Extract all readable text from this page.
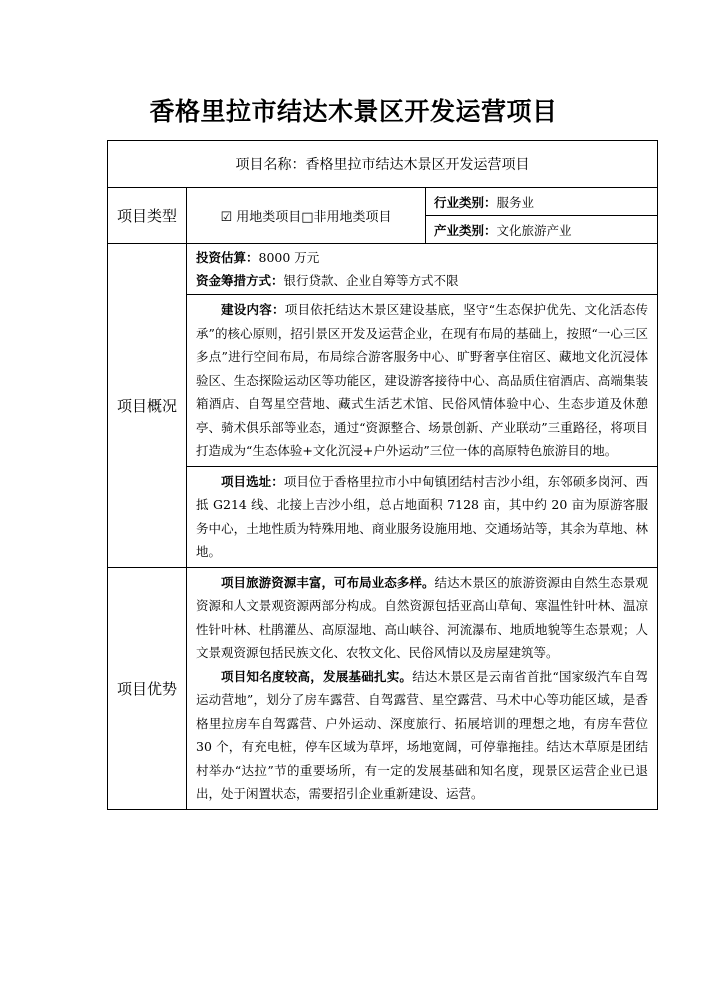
香格里拉市结达木景区开发运营项目
项目名称：香格里拉市结达木景区开发运营项目		
项目类型	☑ 用地类项目□非用地类项目	行业类别：服务业
		产业类别：文化旅游产业
项目概况	投资估算：8000 万元
资金筹措方式：银行贷款、企业自筹等方式不限	

	建设内容：项目依托结达木景区建设基底，坚守“生态保护优先、文化活态传承”的核心原则，招引景区开发及运营企业，在现有布局的基础上，按照“一心三区多点”进行空间布局，布局综合游客服务中心、旷野奢享住宿区、藏地文化沉浸体验区、生态探险运动区等功能区，建设游客接待中心、高品质住宿酒店、高端集装箱酒店、自驾星空营地、藏式生活艺术馆、民俗风情体验中心、生态步道及休憩亭、骑术俱乐部等业态，通过“资源整合、场景创新、产业联动”三重路径，将项目打造成为“生态体验+文化沉浸+户外运动”三位一体的高原特色旅游目的地。	

	项目选址：项目位于香格里拉市小中甸镇团结村吉沙小组，东邻硕多岗河、西抵 G214 线、北接上吉沙小组，总占地面积 7128 亩，其中约 20 亩为原游客服务中心，土地性质为特殊用地、商业服务设施用地、交通场站等，其余为草地、林地。	

项目优势	项目旅游资源丰富，可布局业态多样。结达木景区的旅游资源由自然生态景观资源和人文景观资源两部分构成。自然资源包括亚高山草甸、寒温性针叶林、温凉性针叶林、杜鹃灌丛、高原湿地、高山峡谷、河流瀑布、地质地貌等生态景观；人文景观资源包括民族文化、农牧文化、民俗风情以及房屋建筑等。

项目知名度较高，发展基础扎实。结达木景区是云南省首批“国家级汽车自驾运动营地”，划分了房车露营、自驾露营、星空露营、马术中心等功能区域，是香格里拉房车自驾露营、户外运动、深度旅行、拓展培训的理想之地，有房车营位 30 个，有充电桩，停车区域为草坪，场地宽阔，可停靠拖挂。结达木草原是团结村举办“达拉”节的重要场所，有一定的发展基础和知名度，现景区运营企业已退出，处于闲置状态，需要招引企业重新建设、运营。	
